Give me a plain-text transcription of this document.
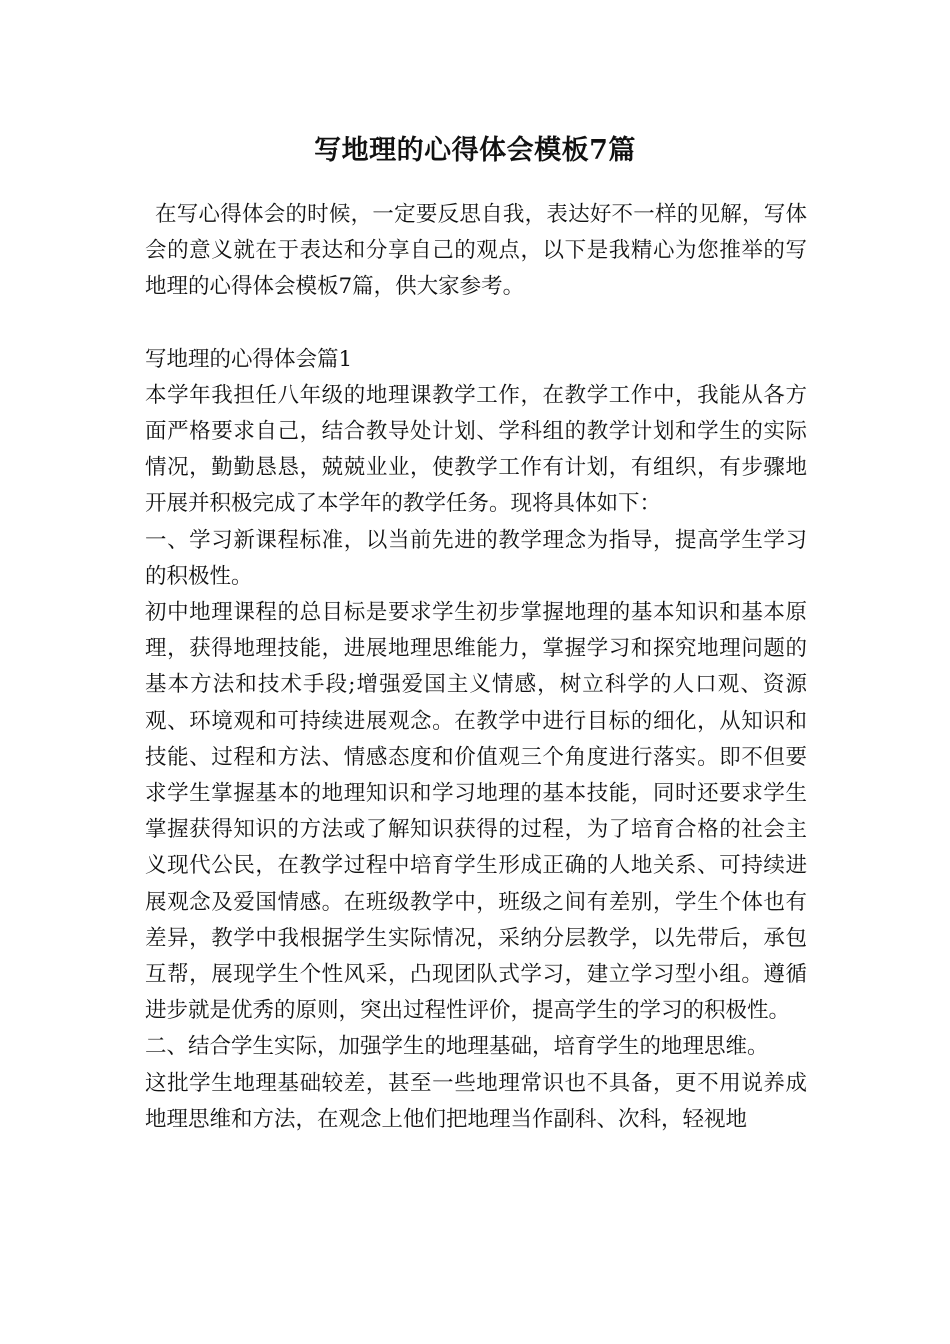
写地理的心得体会模板7篇

在写心得体会的时候，一定要反思自我，表达好不一样的见解，写体会的意义就在于表达和分享自己的观点，以下是我精心为您推举的写地理的心得体会模板7篇，供大家参考。

写地理的心得体会篇1

本学年我担任八年级的地理课教学工作，在教学工作中，我能从各方面严格要求自己，结合教导处计划、学科组的教学计划和学生的实际情况，勤勤恳恳，兢兢业业，使教学工作有计划，有组织，有步骤地开展并积极完成了本学年的教学任务。现将具体如下：

一、学习新课程标准，以当前先进的教学理念为指导，提高学生学习的积极性。

初中地理课程的总目标是要求学生初步掌握地理的基本知识和基本原理，获得地理技能，进展地理思维能力，掌握学习和探究地理问题的基本方法和技术手段;增强爱国主义情感，树立科学的人口观、资源观、环境观和可持续进展观念。在教学中进行目标的细化，从知识和技能、过程和方法、情感态度和价值观三个角度进行落实。即不但要求学生掌握基本的地理知识和学习地理的基本技能，同时还要求学生掌握获得知识的方法或了解知识获得的过程，为了培育合格的社会主义现代公民，在教学过程中培育学生形成正确的人地关系、可持续进展观念及爱国情感。在班级教学中，班级之间有差别，学生个体也有差异，教学中我根据学生实际情况，采纳分层教学，以先带后，承包互帮，展现学生个性风采，凸现团队式学习，建立学习型小组。遵循进步就是优秀的原则，突出过程性评价，提高学生的学习的积极性。

二、结合学生实际，加强学生的地理基础，培育学生的地理思维。

这批学生地理基础较差，甚至一些地理常识也不具备，更不用说养成地理思维和方法，在观念上他们把地理当作副科、次科，轻视地
